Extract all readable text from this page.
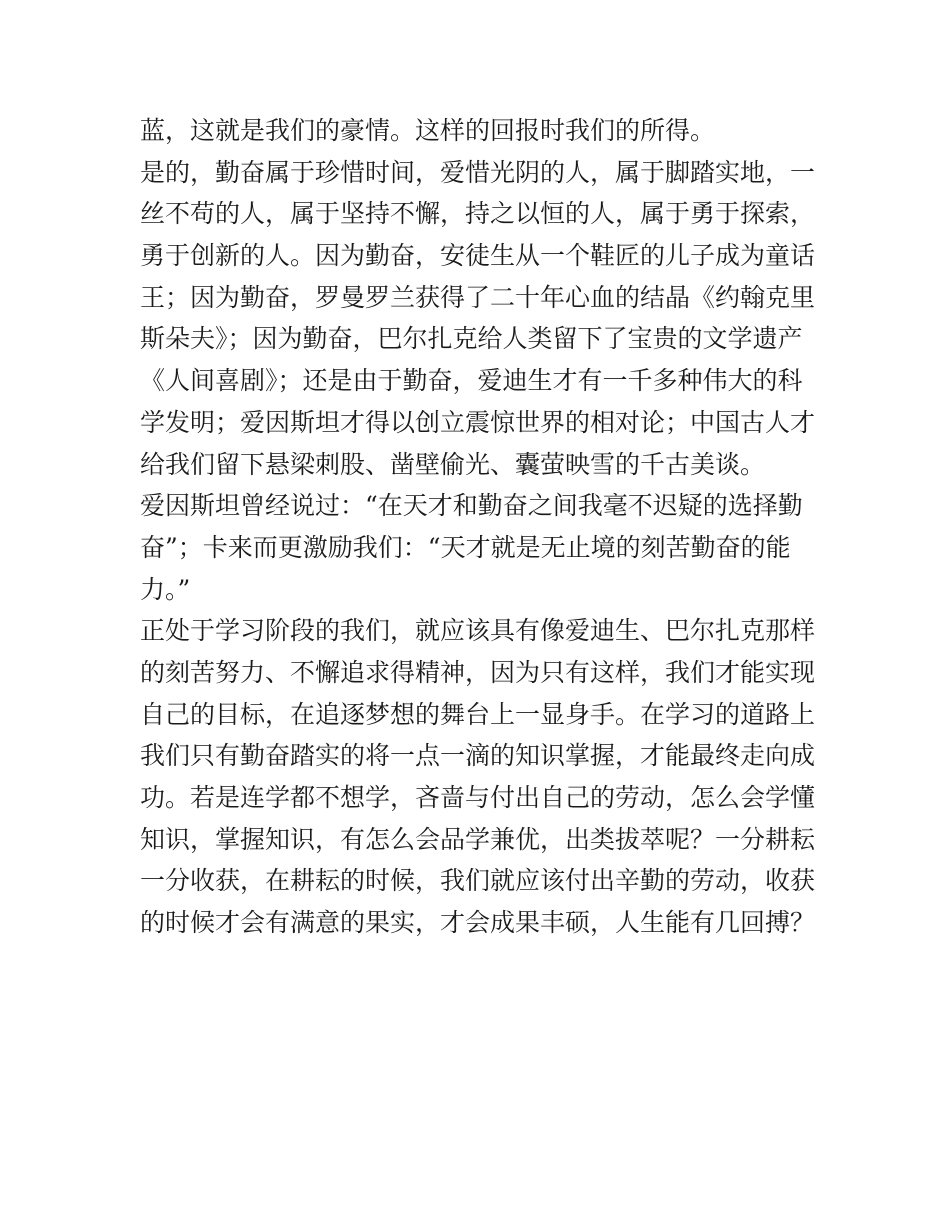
蓝，这就是我们的豪情。这样的回报时我们的所得。
是的，勤奋属于珍惜时间，爱惜光阴的人，属于脚踏实地，一
丝不苟的人，属于坚持不懈，持之以恒的人，属于勇于探索，
勇于创新的人。因为勤奋，安徒生从一个鞋匠的儿子成为童话
王；因为勤奋，罗曼罗兰获得了二十年心血的结晶《约翰克里
斯朵夫》；因为勤奋，巴尔扎克给人类留下了宝贵的文学遗产
《人间喜剧》；还是由于勤奋，爱迪生才有一千多种伟大的科
学发明；爱因斯坦才得以创立震惊世界的相对论；中国古人才
给我们留下悬梁刺股、凿壁偷光、囊萤映雪的千古美谈。
爱因斯坦曾经说过：“在天才和勤奋之间我毫不迟疑的选择勤
奋”；卡来而更激励我们：“天才就是无止境的刻苦勤奋的能
力。”
正处于学习阶段的我们，就应该具有像爱迪生、巴尔扎克那样
的刻苦努力、不懈追求得精神，因为只有这样，我们才能实现
自己的目标，在追逐梦想的舞台上一显身手。在学习的道路上
我们只有勤奋踏实的将一点一滴的知识掌握，才能最终走向成
功。若是连学都不想学，吝啬与付出自己的劳动，怎么会学懂
知识，掌握知识，有怎么会品学兼优，出类拔萃呢？一分耕耘
一分收获，在耕耘的时候，我们就应该付出辛勤的劳动，收获
的时候才会有满意的果实，才会成果丰硕，人生能有几回搏？
